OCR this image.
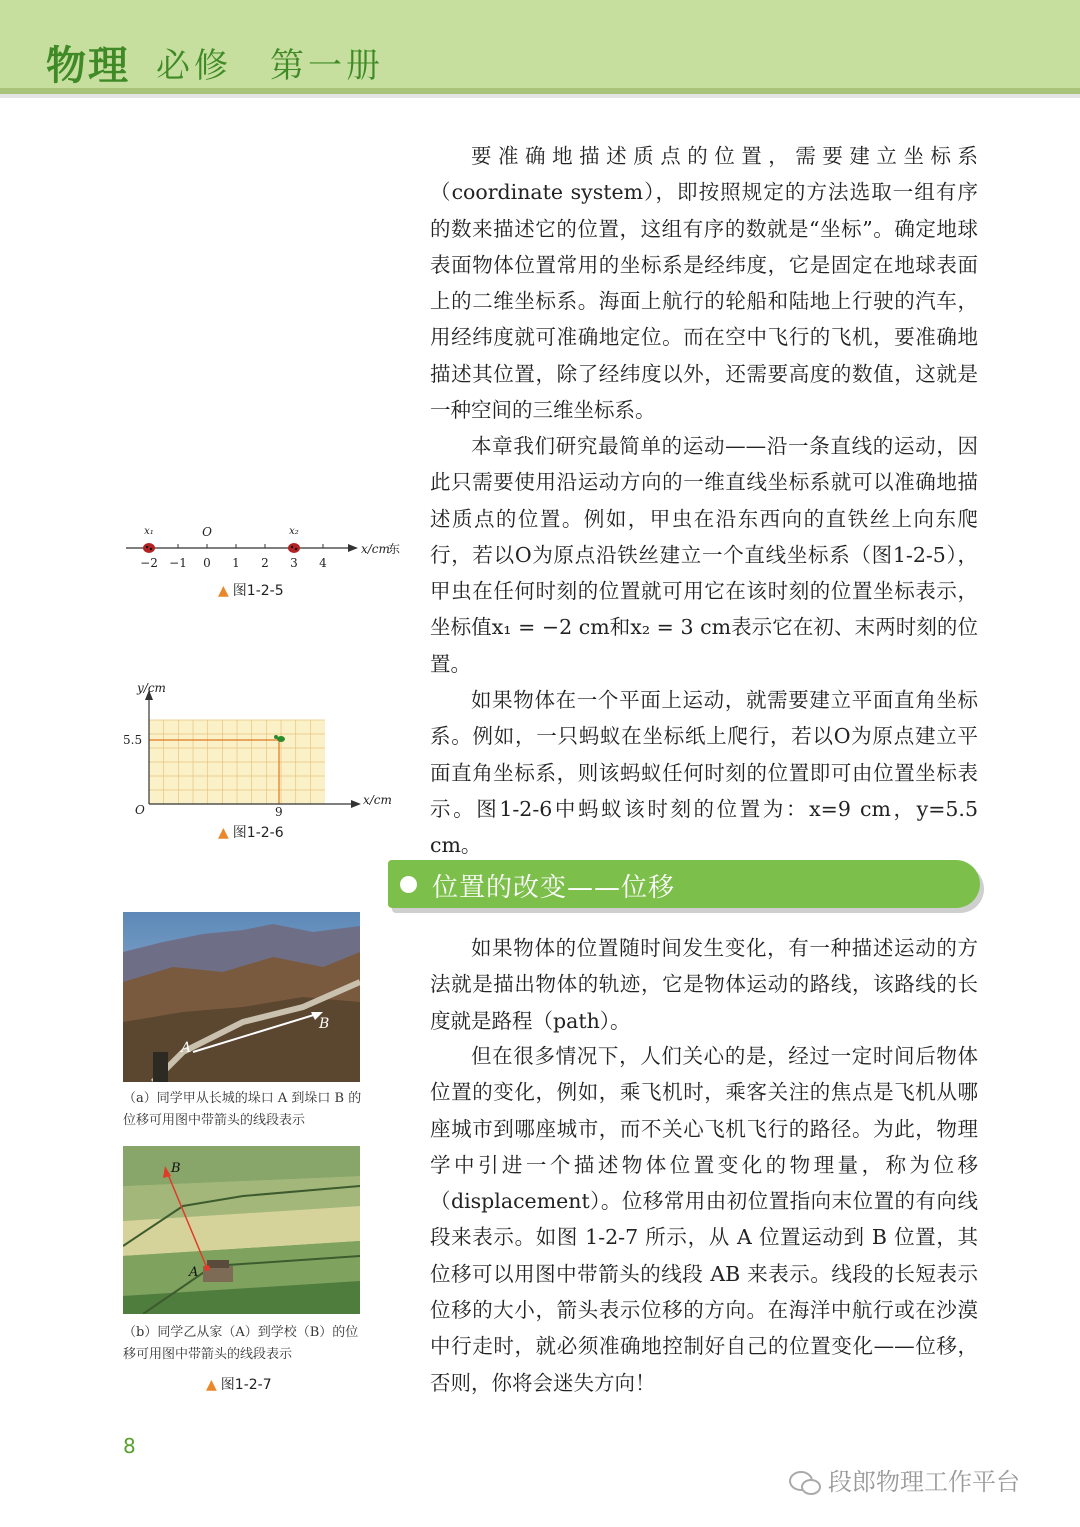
物理 必修　第一册

要准确地描述质点的位置，需要建立坐标系（coordinate system），即按照规定的方法选取一组有序的数来描述它的位置，这组有序的数就是“坐标”。确定地球表面物体位置常用的坐标系是经纬度，它是固定在地球表面上的二维坐标系。海面上航行的轮船和陆地上行驶的汽车，用经纬度就可准确地定位。而在空中飞行的飞机，要准确地描述其位置，除了经纬度以外，还需要高度的数值，这就是一种空间的三维坐标系。

本章我们研究最简单的运动——沿一条直线的运动，因此只需要使用沿运动方向的一维直线坐标系就可以准确地描述质点的位置。例如，甲虫在沿东西向的直铁丝上向东爬行，若以O为原点沿铁丝建立一个直线坐标系（图1-2-5），甲虫在任何时刻的位置就可用它在该时刻的位置坐标表示，坐标值x₁ = −2 cm和x₂ = 3 cm表示它在初、末两时刻的位置。

如果物体在一个平面上运动，就需要建立平面直角坐标系。例如，一只蚂蚁在坐标纸上爬行，若以O为原点建立平面直角坐标系，则该蚂蚁任何时刻的位置即可由位置坐标表示。图1-2-6中蚂蚁该时刻的位置为：x=9 cm，y=5.5 cm。

位置的改变——位移

如果物体的位置随时间发生变化，有一种描述运动的方法就是描出物体的轨迹，它是物体运动的路线，该路线的长度就是路程（path）。

但在很多情况下，人们关心的是，经过一定时间后物体位置的变化，例如，乘飞机时，乘客关注的焦点是飞机从哪座城市到哪座城市，而不关心飞机飞行的路径。为此，物理学中引进一个描述物体位置变化的物理量，称为位移（displacement）。位移常用由初位置指向末位置的有向线段来表示。如图 1-2-7 所示，从 A 位置运动到 B 位置，其位移可以用图中带箭头的线段 AB 来表示。线段的长短表示位移的大小，箭头表示位移的方向。在海洋中航行或在沙漠中行走时，就必须准确地控制好自己的位置变化——位移，否则，你将会迷失方向！

−2 −1 0 1 2 3 4
O
x₁	x₂
x/cm
东
▲ 图1-2-5
y/cm
x/cm
O	9
5.5
▲ 图1-2-6
A
B
（a）同学甲从长城的垛口 A 到垛口 B 的位移可用图中带箭头的线段表示
B
A
（b）同学乙从家（A）到学校（B）的位移可用图中带箭头的线段表示
▲ 图1-2-7
8
段郎物理工作平台
